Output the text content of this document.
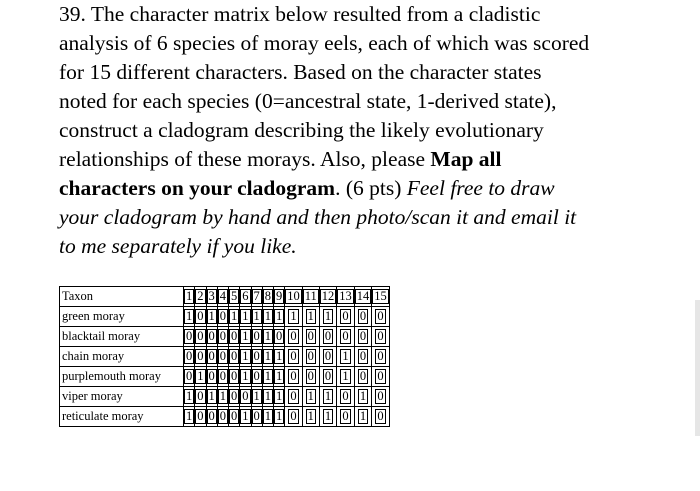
39. The character matrix below resulted from a cladistic
analysis of 6 species of moray eels, each of which was scored
for 15 different characters. Based on the character states
noted for each species (0=ancestral state, 1-derived state),
construct a cladogram describing the likely evolutionary
relationships of these morays. Also, please Map all
characters on your cladogram. (6 pts) Feel free to draw
your cladogram by hand and then photo/scan it and email it
to me separately if you like.
Taxon	1	2	3	4	5	6	7	8	9	10	11	12	13	14	15
green moray	1	0	1	0	1	1	1	1	1	1	1	1	0	0	0
blacktail moray	0	0	0	0	0	1	0	1	0	0	0	0	0	0	0
chain moray	0	0	0	0	0	1	0	1	1	0	0	0	1	0	0
purplemouth moray	0	1	0	0	0	1	0	1	1	0	0	0	1	0	0
viper moray	1	0	1	1	0	0	1	1	1	0	1	1	0	1	0
reticulate moray	1	0	0	0	0	1	0	1	1	0	1	1	0	1	0
